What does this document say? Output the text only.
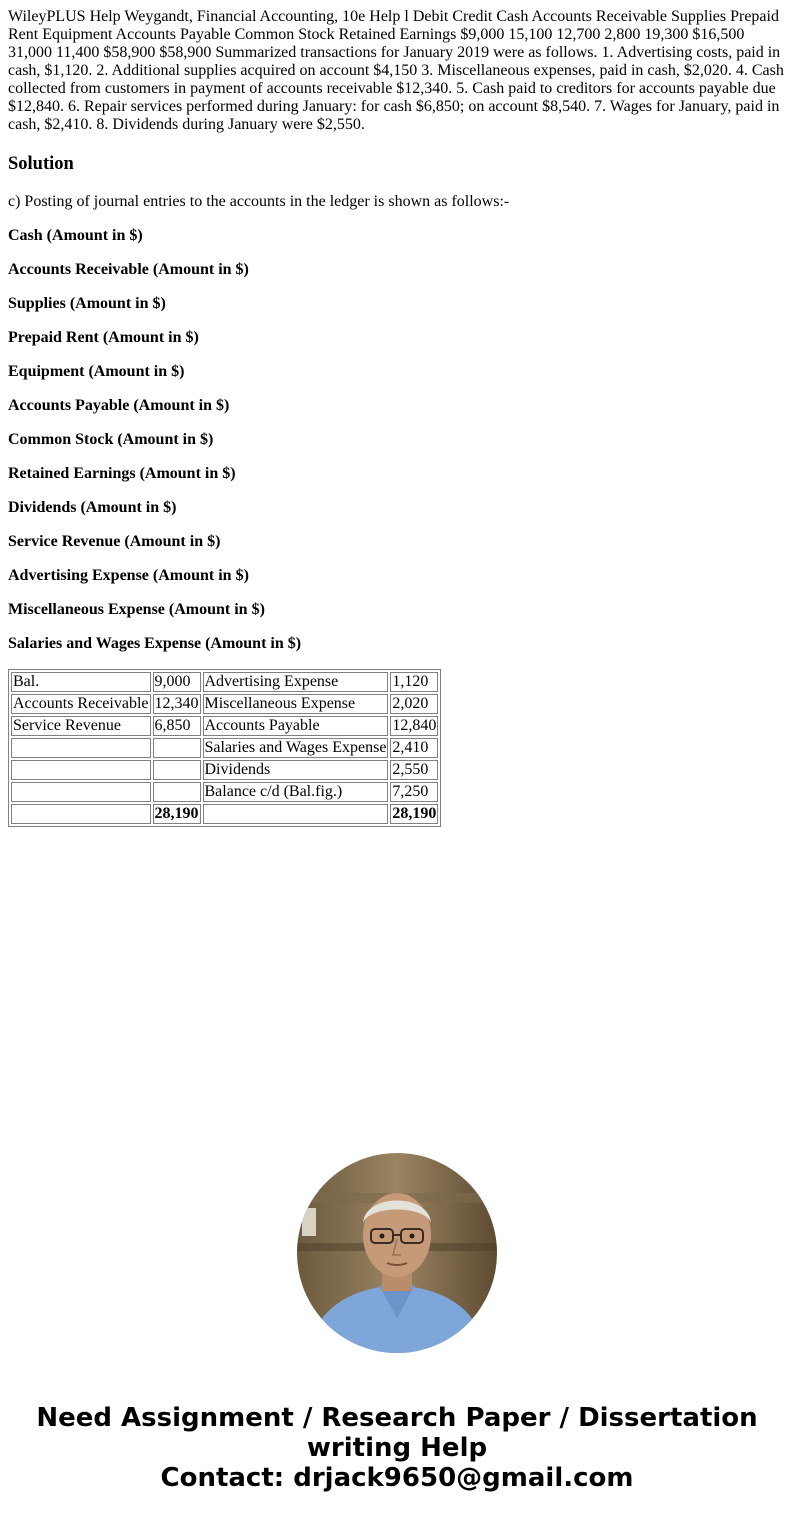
WileyPLUS Help Weygandt, Financial Accounting, 10e Help l Debit Credit Cash Accounts Receivable Supplies Prepaid Rent Equipment Accounts Payable Common Stock Retained Earnings $9,000 15,100 12,700 2,800 19,300 $16,500 31,000 11,400 $58,900 $58,900 Summarized transactions for January 2019 were as follows. 1. Advertising costs, paid in cash, $1,120. 2. Additional supplies acquired on account $4,150 3. Miscellaneous expenses, paid in cash, $2,020. 4. Cash collected from customers in payment of accounts receivable $12,340. 5. Cash paid to creditors for accounts payable due $12,840. 6. Repair services performed during January: for cash $6,850; on account $8,540. 7. Wages for January, paid in cash, $2,410. 8. Dividends during January were $2,550.

Solution

c) Posting of journal entries to the accounts in the ledger is shown as follows:-

Cash (Amount in $)

Accounts Receivable (Amount in $)

Supplies (Amount in $)

Prepaid Rent (Amount in $)

Equipment (Amount in $)

Accounts Payable (Amount in $)

Common Stock (Amount in $)

Retained Earnings (Amount in $)

Dividends (Amount in $)

Service Revenue (Amount in $)

Advertising Expense (Amount in $)

Miscellaneous Expense (Amount in $)

Salaries and Wages Expense (Amount in $)

Bal.	9,000	Advertising Expense	1,120
Accounts Receivable	12,340	Miscellaneous Expense	2,020
Service Revenue	6,850	Accounts Payable	12,840
		Salaries and Wages Expense	2,410
		Dividends	2,550
		Balance c/d (Bal.fig.)	7,250
	28,190		28,190
Need Assignment / Research Paper / Dissertation
writing Help
Contact: drjack9650@gmail.com
